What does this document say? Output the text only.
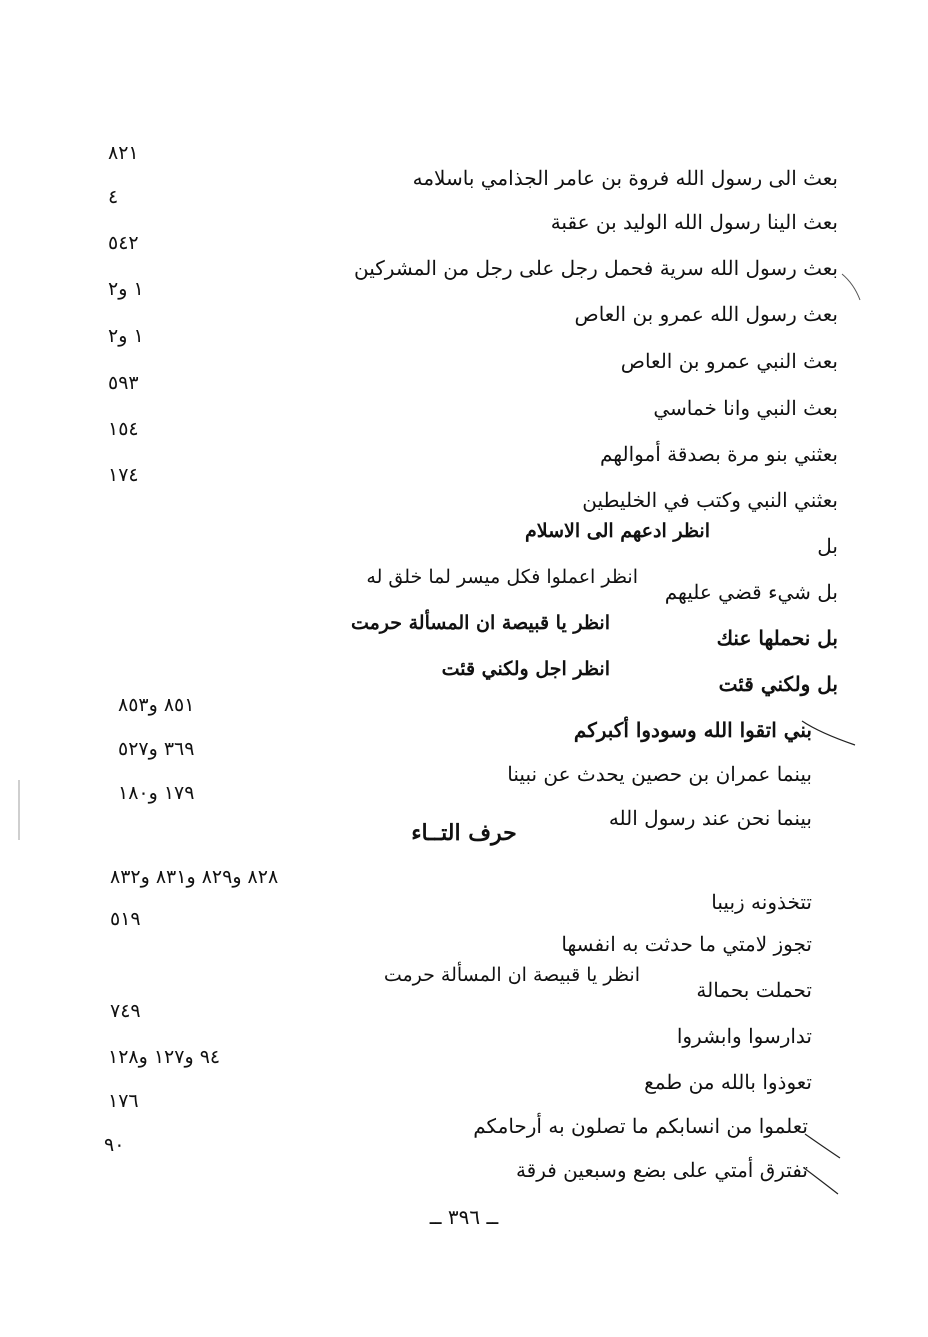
بعث الى رسول الله فروة بن عامر الجذامي باسلامه
٨٢١
بعث الينا رسول الله الوليد بن عقبة
٤
بعث رسول الله سرية فحمل رجل على رجل من المشركين
٥٤٢
بعث رسول الله عمرو بن العاص
١ و٢
بعث النبي عمرو بن العاص
١ و٢
بعث النبي وانا خماسي
٥٩٣
بعثني بنو مرة بصدقة أموالهم
١٥٤
بعثني النبي وكتب في الخليطين
١٧٤
بل
انظر ادعهم الى الاسلام
بل شيء قضي عليهم
انظر اعملوا فكل ميسر لما خلق له
بل نحملها عنك
انظر يا قبيصة ان المسألة حرمت
بل ولكني قئت
انظر اجل ولكني قئت
بني اتقوا الله وسودوا أكبركم
٨٥١ و٨٥٣
بينما عمران بن حصين يحدث عن نبينا
٣٦٩ و٥٢٧
بينما نحن عند رسول الله
١٧٩ و١٨٠
حرف التــاء
تتخذونه زبيبا
٨٢٨ و٨٢٩ و٨٣١ و٨٣٢
تجوز لامتي ما حدثت به انفسها
٥١٩
تحملت بحمالة
انظر يا قبيصة ان المسألة حرمت
تدارسوا وابشروا
٧٤٩
تعوذوا بالله من طمع
٩٤ و١٢٧ و١٢٨
تعلموا من انسابكم ما تصلون به أرحامكم
١٧٦
تفترق أمتي على بضع وسبعين فرقة
٩٠
ــ ٣٩٦ ــ
